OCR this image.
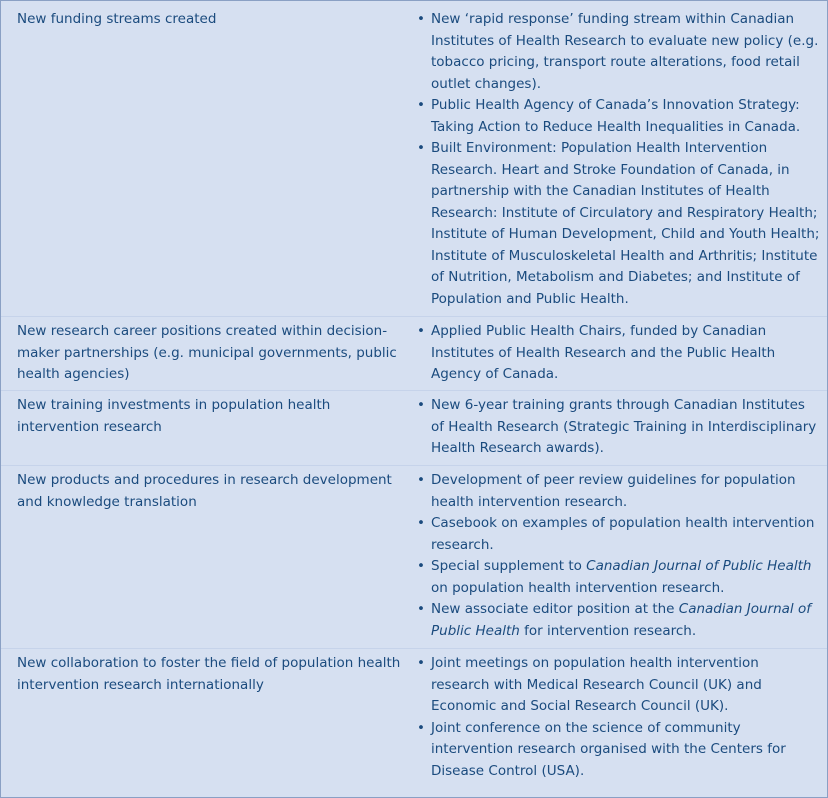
New funding streams created	• New ‘rapid response’ funding stream within Canadian Institutes of Health Research to evaluate new policy (e.g. tobacco pricing, transport route alterations, food retail outlet changes).
• Public Health Agency of Canada’s Innovation Strategy: Taking Action to Reduce Health Inequalities in Canada.
• Built Environment: Population Health Intervention Research. Heart and Stroke Foundation of Canada, in partnership with the Canadian Institutes of Health Research: Institute of Circulatory and Respiratory Health; Institute of Human Development, Child and Youth Health; Institute of Musculoskeletal Health and Arthritis; Institute of Nutrition, Metabolism and Diabetes; and Institute of Population and Public Health.
New research career positions created within decision-maker partnerships (e.g. municipal governments, public health agencies)
• Applied Public Health Chairs, funded by Canadian Institutes of Health Research and the Public Health Agency of Canada.
New training investments in population health intervention research
• New 6-year training grants through Canadian Institutes of Health Research (Strategic Training in Interdisciplinary Health Research awards).
New products and procedures in research development and knowledge translation
• Development of peer review guidelines for population health intervention research.
• Casebook on examples of population health intervention research.
• Special supplement to Canadian Journal of Public Health on population health intervention research.
• New associate editor position at the Canadian Journal of Public Health for intervention research.
New collaboration to foster the field of population health intervention research internationally
• Joint meetings on population health intervention research with Medical Research Council (UK) and Economic and Social Research Council (UK).
• Joint conference on the science of community intervention research organised with the Centers for Disease Control (USA).
